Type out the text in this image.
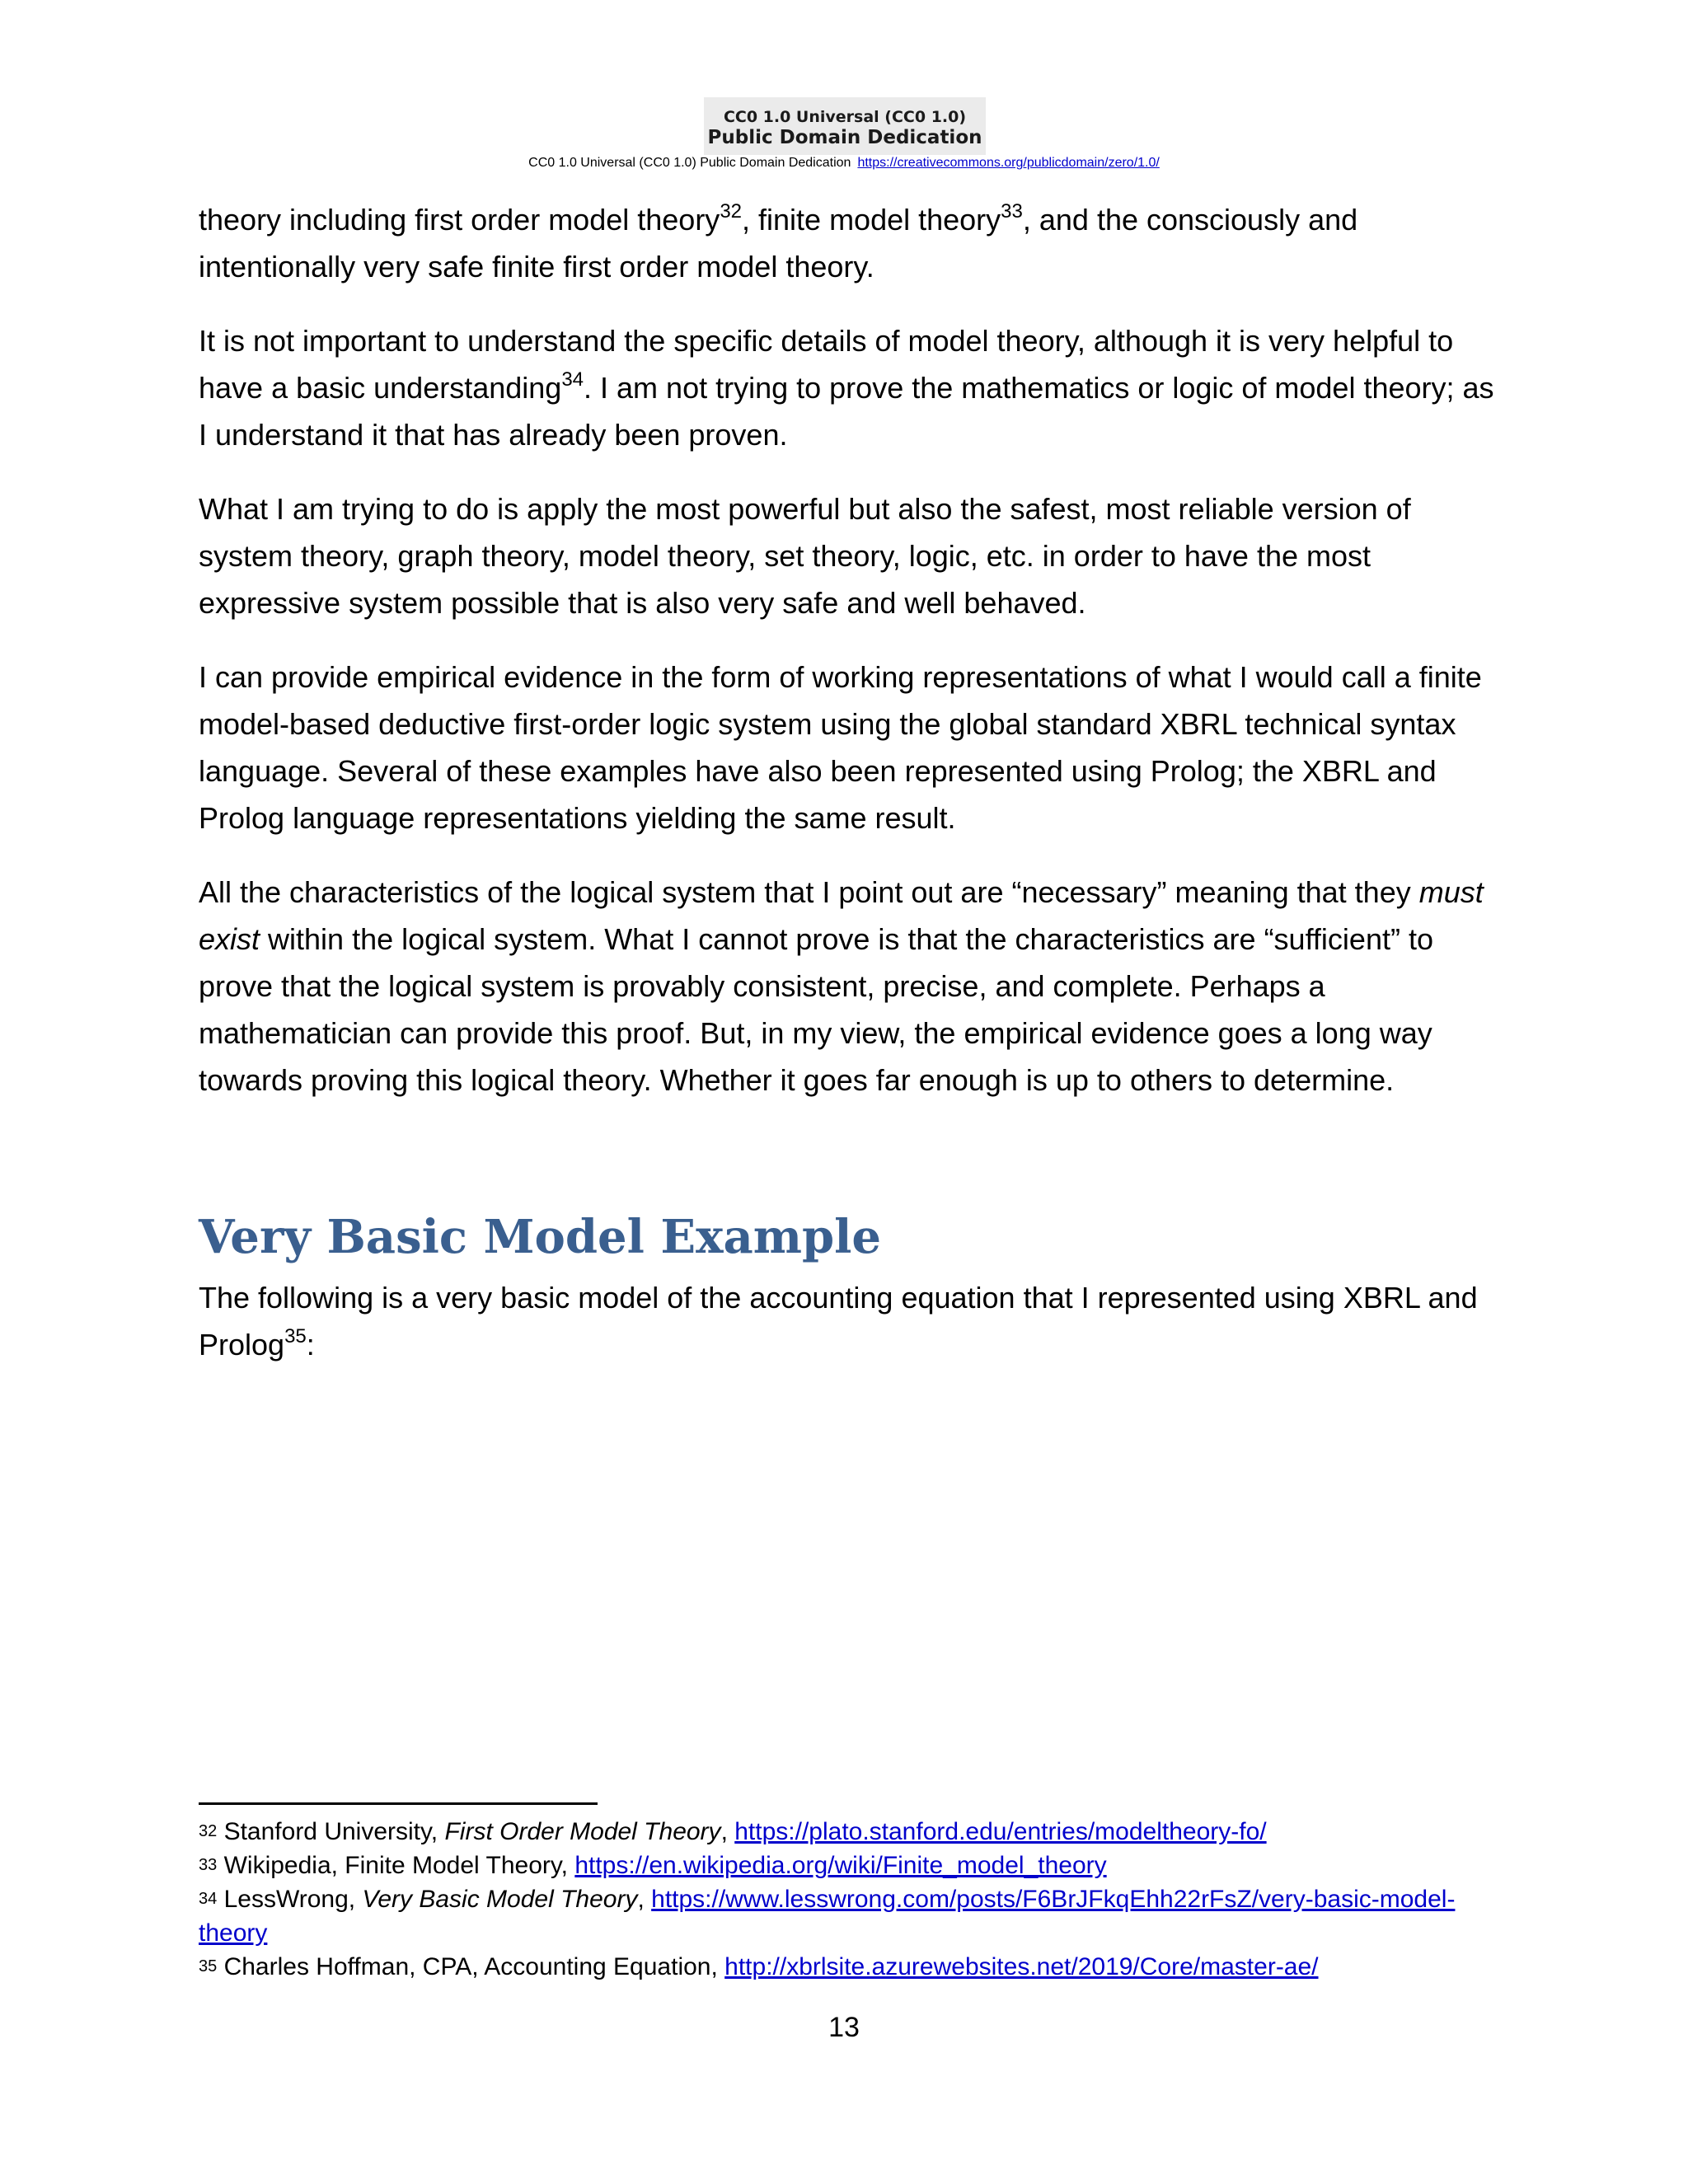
CC0 1.0 Universal (CC0 1.0)
Public Domain Dedication
CC0 1.0 Universal (CC0 1.0) Public Domain Dedication https://creativecommons.org/publicdomain/zero/1.0/

theory including first order model theory$^{32}$, finite model theory$^{33}$, and the consciously and intentionally very safe finite first order model theory.

It is not important to understand the specific details of model theory, although it is very helpful to have a basic understanding$^{34}$. I am not trying to prove the mathematics or logic of model theory; as I understand it that has already been proven.

What I am trying to do is apply the most powerful but also the safest, most reliable version of system theory, graph theory, model theory, set theory, logic, etc. in order to have the most expressive system possible that is also very safe and well behaved.

I can provide empirical evidence in the form of working representations of what I would call a finite model-based deductive first-order logic system using the global standard XBRL technical syntax language. Several of these examples have also been represented using Prolog; the XBRL and Prolog language representations yielding the same result.

All the characteristics of the logical system that I point out are “necessary” meaning that they must exist within the logical system. What I cannot prove is that the characteristics are “sufficient” to prove that the logical system is provably consistent, precise, and complete. Perhaps a mathematician can provide this proof. But, in my view, the empirical evidence goes a long way towards proving this logical theory. Whether it goes far enough is up to others to determine.

Very Basic Model Example

The following is a very basic model of the accounting equation that I represented using XBRL and Prolog$^{35}$:

$^{32}$ Stanford University, First Order Model Theory, https://plato.stanford.edu/entries/modeltheory-fo/

$^{33}$ Wikipedia, Finite Model Theory, https://en.wikipedia.org/wiki/Finite_model_theory

$^{34}$ LessWrong, Very Basic Model Theory, https://www.lesswrong.com/posts/F6BrJFkqEhh22rFsZ/very-basic-model-theory

$^{35}$ Charles Hoffman, CPA, Accounting Equation, http://xbrlsite.azurewebsites.net/2019/Core/master-ae/

13
